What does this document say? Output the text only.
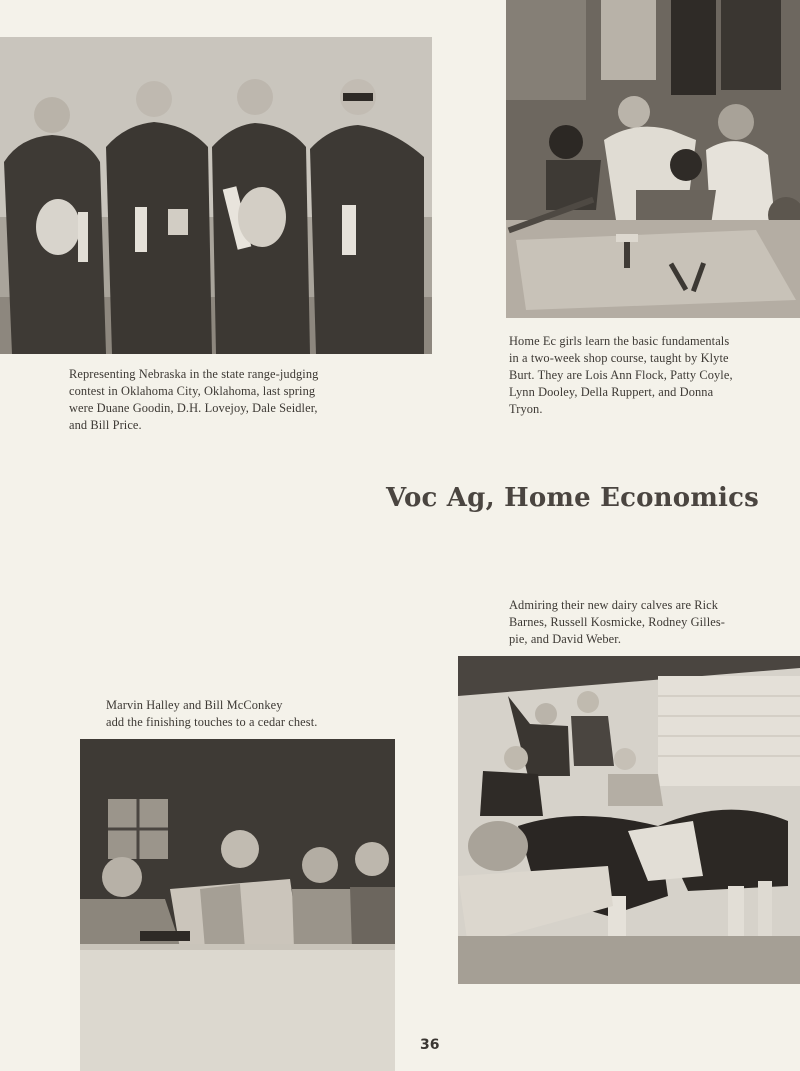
Representing Nebraska in the state range-judging
contest in Oklahoma City, Oklahoma, last spring
were Duane Goodin, D.H. Lovejoy, Dale Seidler,
and Bill Price.
Home Ec girls learn the basic fundamentals
in a two-week shop course, taught by Klyte
Burt. They are Lois Ann Flock, Patty Coyle,
Lynn Dooley, Della Ruppert, and Donna
Tryon.
Voc Ag, Home Economics
Admiring their new dairy calves are Rick
Barnes, Russell Kosmicke, Rodney Gilles-
pie, and David Weber.
Marvin Halley and Bill McConkey
add the finishing touches to a cedar chest.
36
